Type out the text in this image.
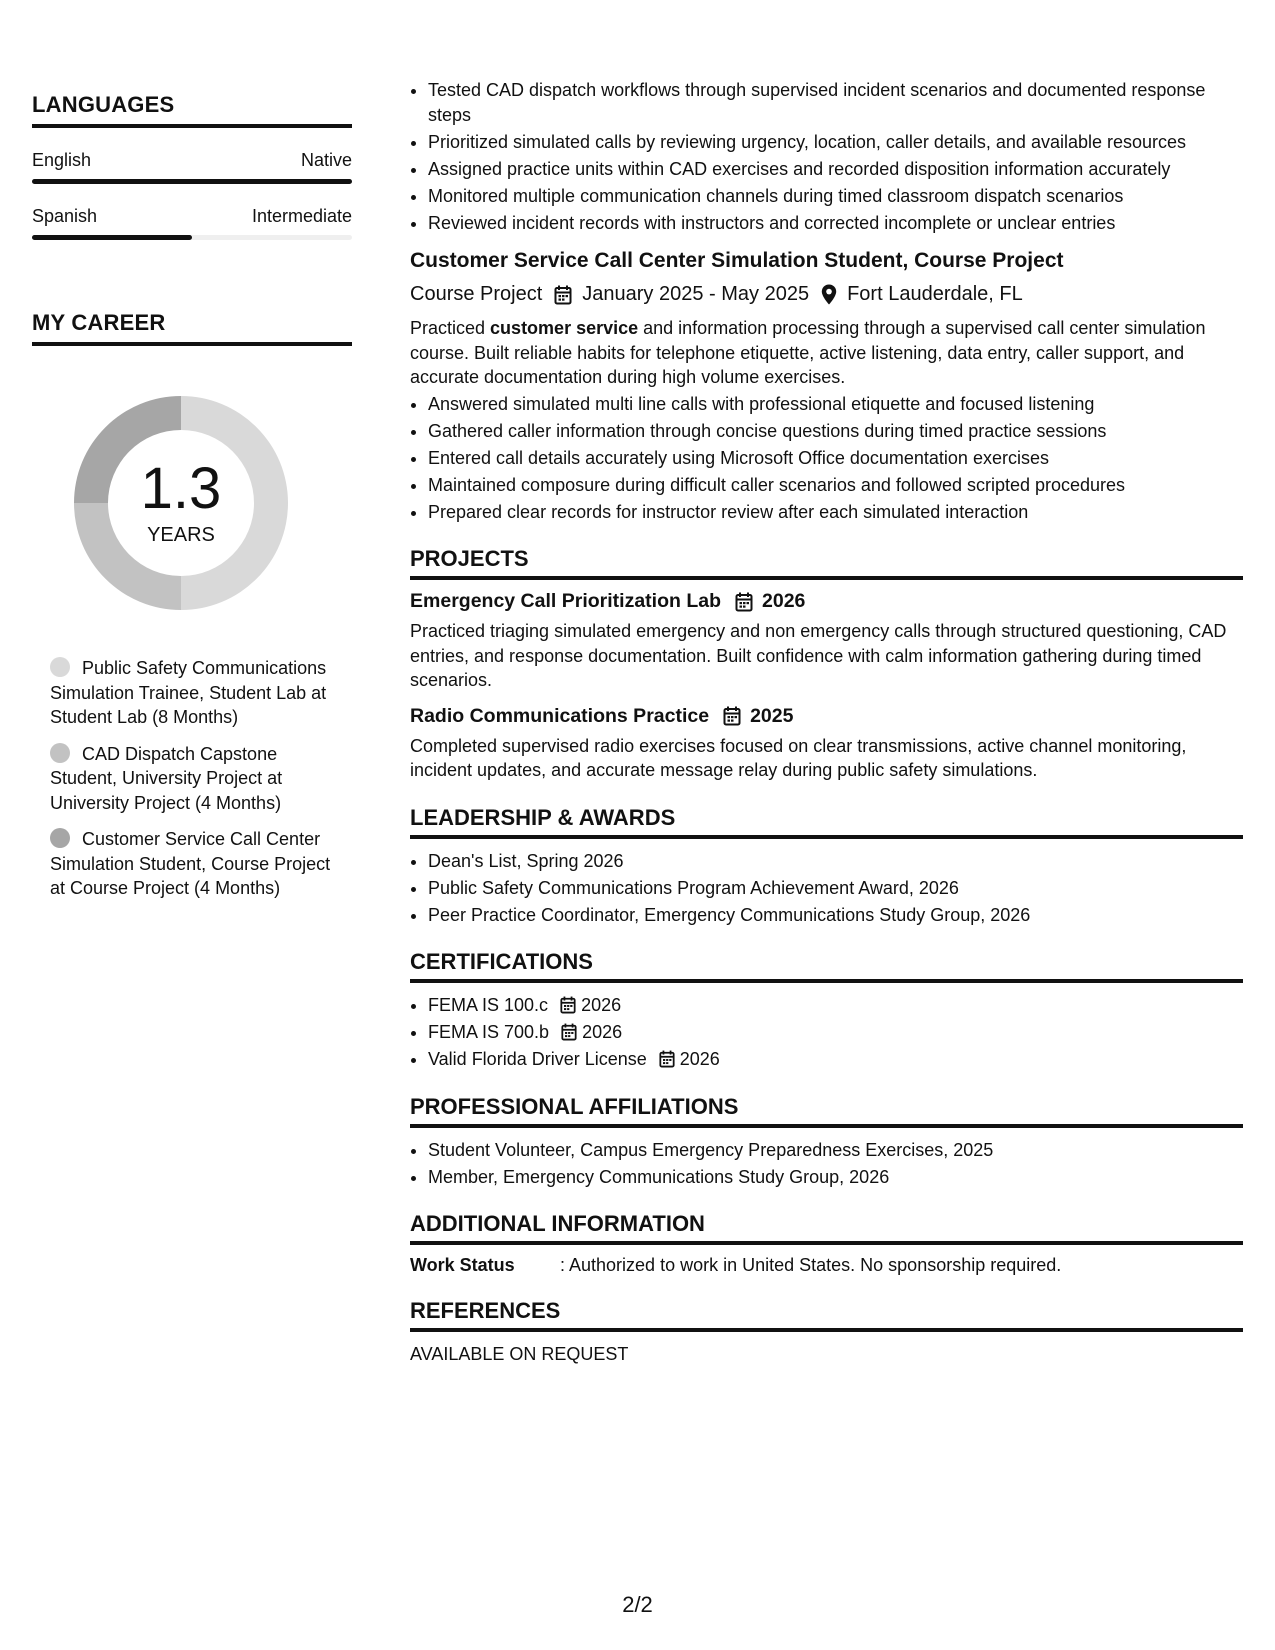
LANGUAGES
English	Native
Spanish	Intermediate
MY CAREER
1.3
YEARS
Public Safety Communications Simulation Trainee, Student Lab at Student Lab (8 Months)
CAD Dispatch Capstone Student, University Project at University Project (4 Months)
Customer Service Call Center Simulation Student, Course Project at Course Project (4 Months)
• Tested CAD dispatch workflows through supervised incident scenarios and documented response steps
• Prioritized simulated calls by reviewing urgency, location, caller details, and available resources
• Assigned practice units within CAD exercises and recorded disposition information accurately
• Monitored multiple communication channels during timed classroom dispatch scenarios
• Reviewed incident records with instructors and corrected incomplete or unclear entries
Customer Service Call Center Simulation Student, Course Project
Course Project January 2025 - May 2025 Fort Lauderdale, FL
Practiced customer service and information processing through a supervised call center simulation course. Built reliable habits for telephone etiquette, active listening, data entry, caller support, and accurate documentation during high volume exercises.
• Answered simulated multi line calls with professional etiquette and focused listening
• Gathered caller information through concise questions during timed practice sessions
• Entered call details accurately using Microsoft Office documentation exercises
• Maintained composure during difficult caller scenarios and followed scripted procedures
• Prepared clear records for instructor review after each simulated interaction
PROJECTS
Emergency Call Prioritization Lab 2026
Practiced triaging simulated emergency and non emergency calls through structured questioning, CAD entries, and response documentation. Built confidence with calm information gathering during timed scenarios.
Radio Communications Practice 2025
Completed supervised radio exercises focused on clear transmissions, active channel monitoring, incident updates, and accurate message relay during public safety simulations.
LEADERSHIP & AWARDS
• Dean's List, Spring 2026
• Public Safety Communications Program Achievement Award, 2026
• Peer Practice Coordinator, Emergency Communications Study Group, 2026
CERTIFICATIONS
• FEMA IS 100.c 2026
• FEMA IS 700.b 2026
• Valid Florida Driver License 2026
PROFESSIONAL AFFILIATIONS
• Student Volunteer, Campus Emergency Preparedness Exercises, 2025
• Member, Emergency Communications Study Group, 2026
ADDITIONAL INFORMATION
Work Status	: Authorized to work in United States. No sponsorship required.
REFERENCES
AVAILABLE ON REQUEST
2/2
